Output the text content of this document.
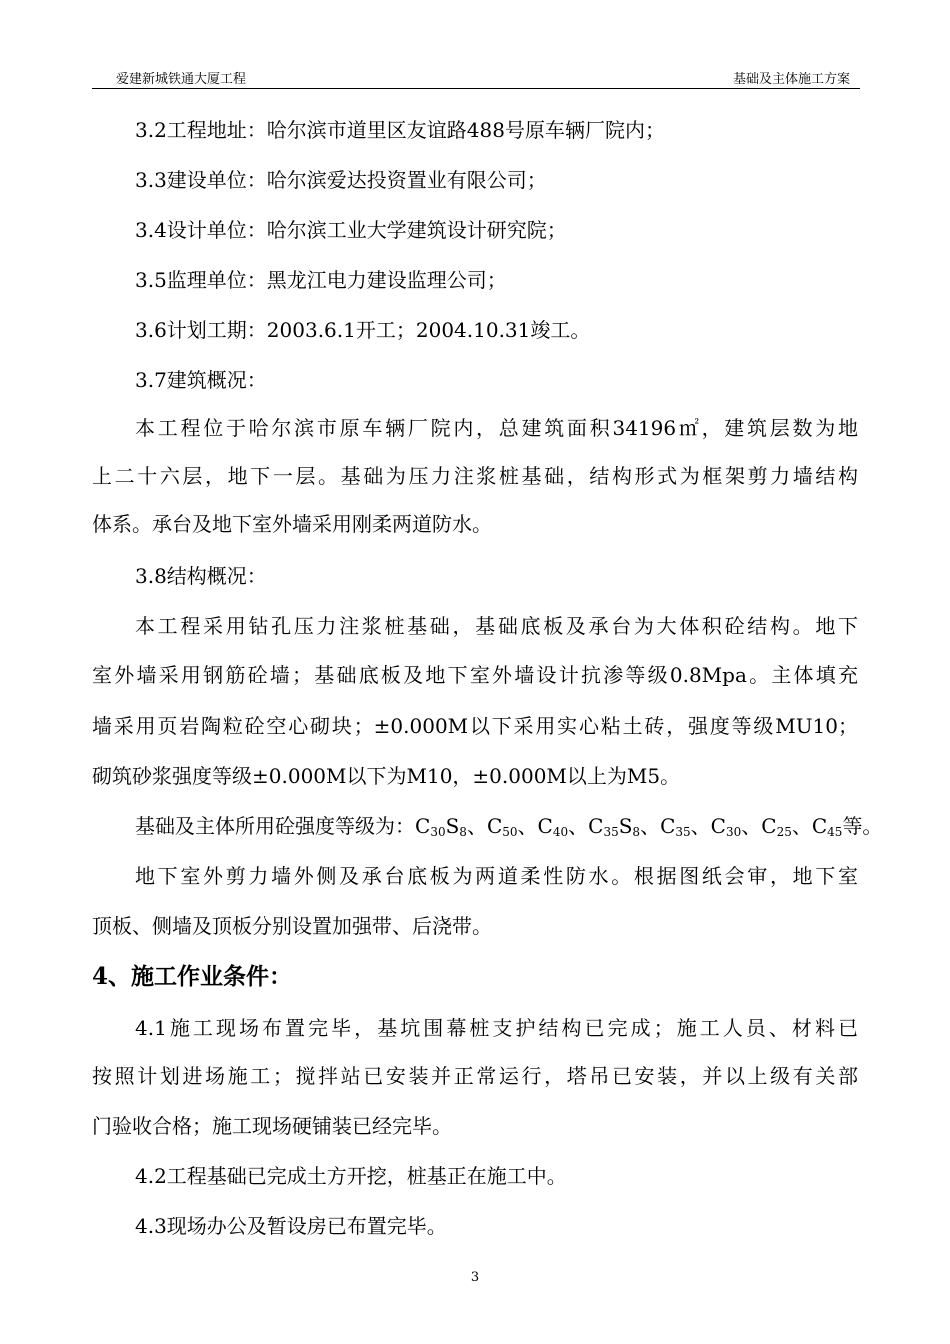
爱建新城铁通大厦工程	基础及主体施工方案
3.2工程地址：哈尔滨市道里区友谊路488号原车辆厂院内；
3.3建设单位：哈尔滨爱达投资置业有限公司；
3.4设计单位：哈尔滨工业大学建筑设计研究院；
3.5监理单位：黑龙江电力建设监理公司；
3.6计划工期：2003.6.1开工；2004.10.31竣工。
3.7建筑概况：
本工程位于哈尔滨市原车辆厂院内，总建筑面积34196㎡，建筑层数为地
上二十六层，地下一层。基础为压力注浆桩基础，结构形式为框架剪力墙结构
体系。承台及地下室外墙采用刚柔两道防水。
3.8结构概况：
本工程采用钻孔压力注浆桩基础，基础底板及承台为大体积砼结构。地下
室外墙采用钢筋砼墙；基础底板及地下室外墙设计抗渗等级0.8Mpa。主体填充
墙采用页岩陶粒砼空心砌块；±0.000M以下采用实心粘土砖，强度等级MU10；
砌筑砂浆强度等级±0.000M以下为M10，±0.000M以上为M5。
基础及主体所用砼强度等级为：$C_{30}S_8$、$C_{50}$、$C_{40}$、$C_{35}S_8$、$C_{35}$、$C_{30}$、$C_{25}$、$C_{45}$等。
地下室外剪力墙外侧及承台底板为两道柔性防水。根据图纸会审，地下室
顶板、侧墙及顶板分别设置加强带、后浇带。
4、施工作业条件：
4.1施工现场布置完毕，基坑围幕桩支护结构已完成；施工人员、材料已
按照计划进场施工；搅拌站已安装并正常运行，塔吊已安装，并以上级有关部
门验收合格；施工现场硬铺装已经完毕。
4.2工程基础已完成土方开挖，桩基正在施工中。
4.3现场办公及暂设房已布置完毕。
3
